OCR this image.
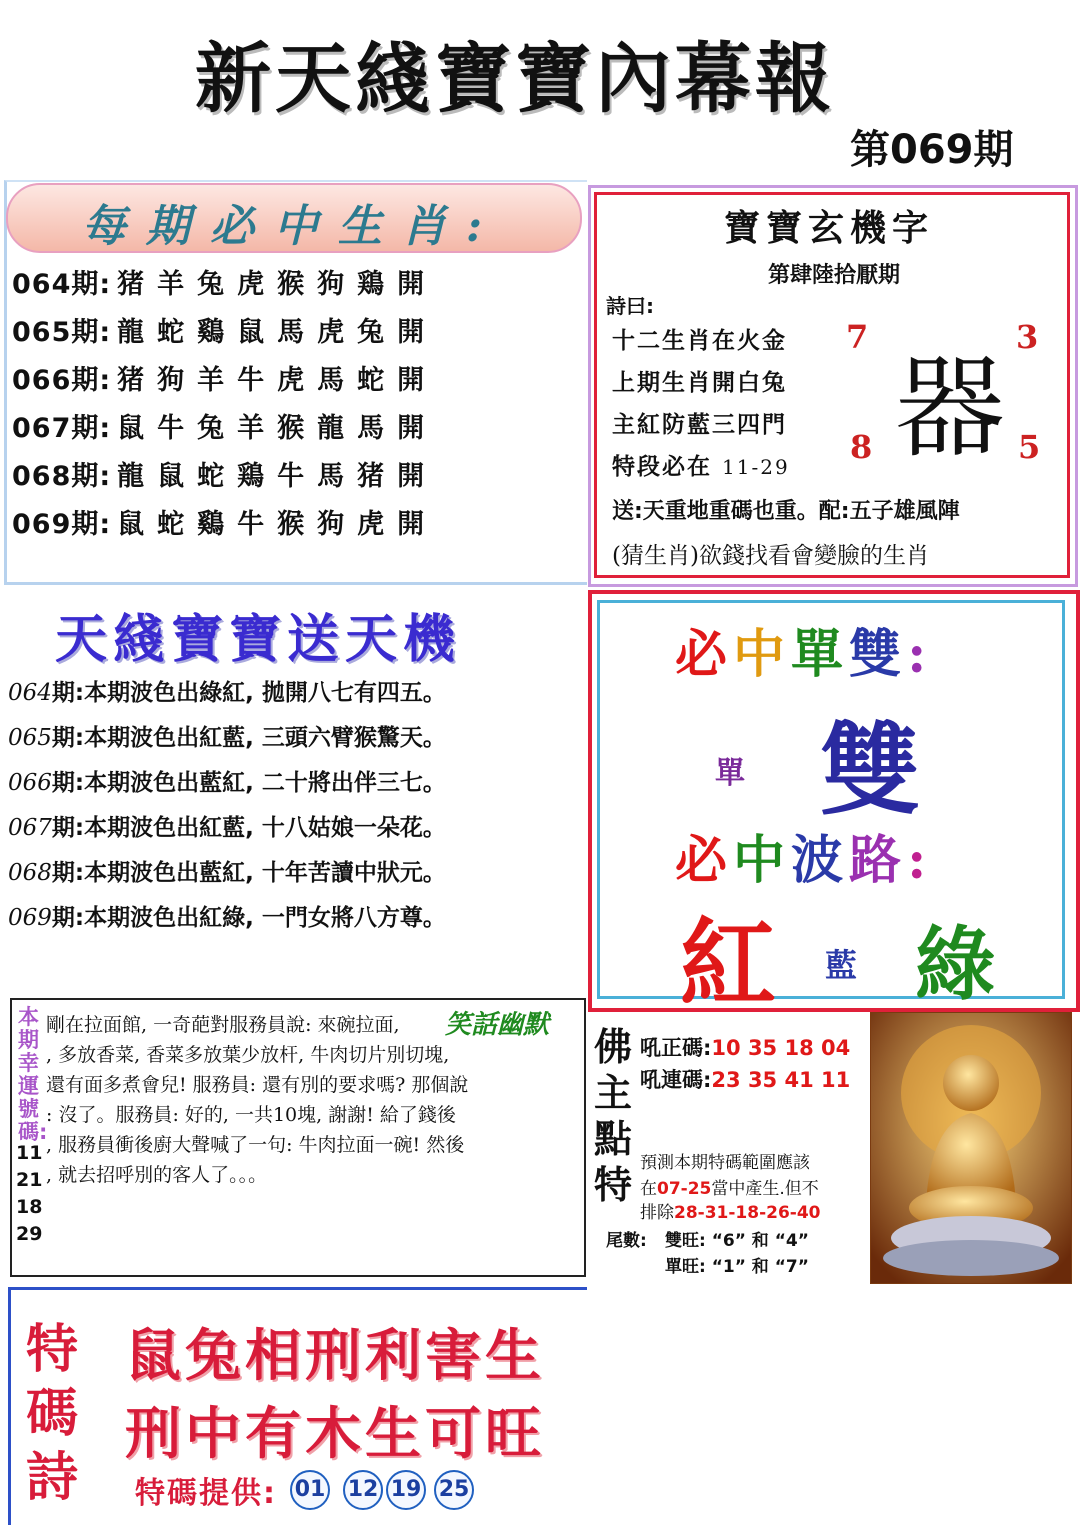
新天綫寶寶內幕報
第069期
每期必中生肖:
064期: 猪 羊 兔 虎 猴 狗 鶏 開
065期: 龍 蛇 鷄 鼠 馬 虎 兔 開
066期: 猪 狗 羊 牛 虎 馬 蛇 開
067期: 鼠 牛 兔 羊 猴 龍 馬 開
068期: 龍 鼠 蛇 鶏 牛 馬 猪 開
069期: 鼠 蛇 鷄 牛 猴 狗 虎 開
寶寶玄機字
第肆陸拾厭期
詩曰:
十二生肖在火金
上期生肖開白兔
主紅防藍三四門
特段必在 11-29
7	3
8	5
器
送:天重地重碼也重。配:五子雄風陣
(猜生肖)欲錢找看會變臉的生肖
天綫寶寶送天機
064期:本期波色出綠紅, 拋開八七有四五。
065期:本期波色出紅藍, 三頭六臂猴驚天。
066期:本期波色出藍紅, 二十將出伴三七。
067期:本期波色出紅藍, 十八姑娘一朵花。
068期:本期波色出藍紅, 十年苦讀中狀元。
069期:本期波色出紅綠, 一門女將八方尊。
必中單雙:
單 雙
必中波路:
紅 藍 綠
本期幸運號碼:
11
21
18
29
笑話幽默
剛在拉面館, 一奇葩對服務員說: 來碗拉面,
, 多放香菜, 香菜多放葉少放杆, 牛肉切片別切塊,
還有面多煮會兒! 服務員: 還有別的要求嗎? 那個說
: 沒了。服務員: 好的, 一共10塊, 謝謝! 給了錢後
, 服務員衝後廚大聲喊了一句: 牛肉拉面一碗! 然後
, 就去招呼別的客人了。。。
佛主點特
吼正碼:10 35 18 04
吼連碼:23 35 41 11
預測本期特碼範圍應該
在07-25當中產生.但不
排除28-31-18-26-40
尾數: 雙旺: “6” 和 “4”
單旺: “1” 和 “7”
特碼詩
鼠兔相刑利害生
刑中有木生可旺
特碼提供: 01 12 19 25
